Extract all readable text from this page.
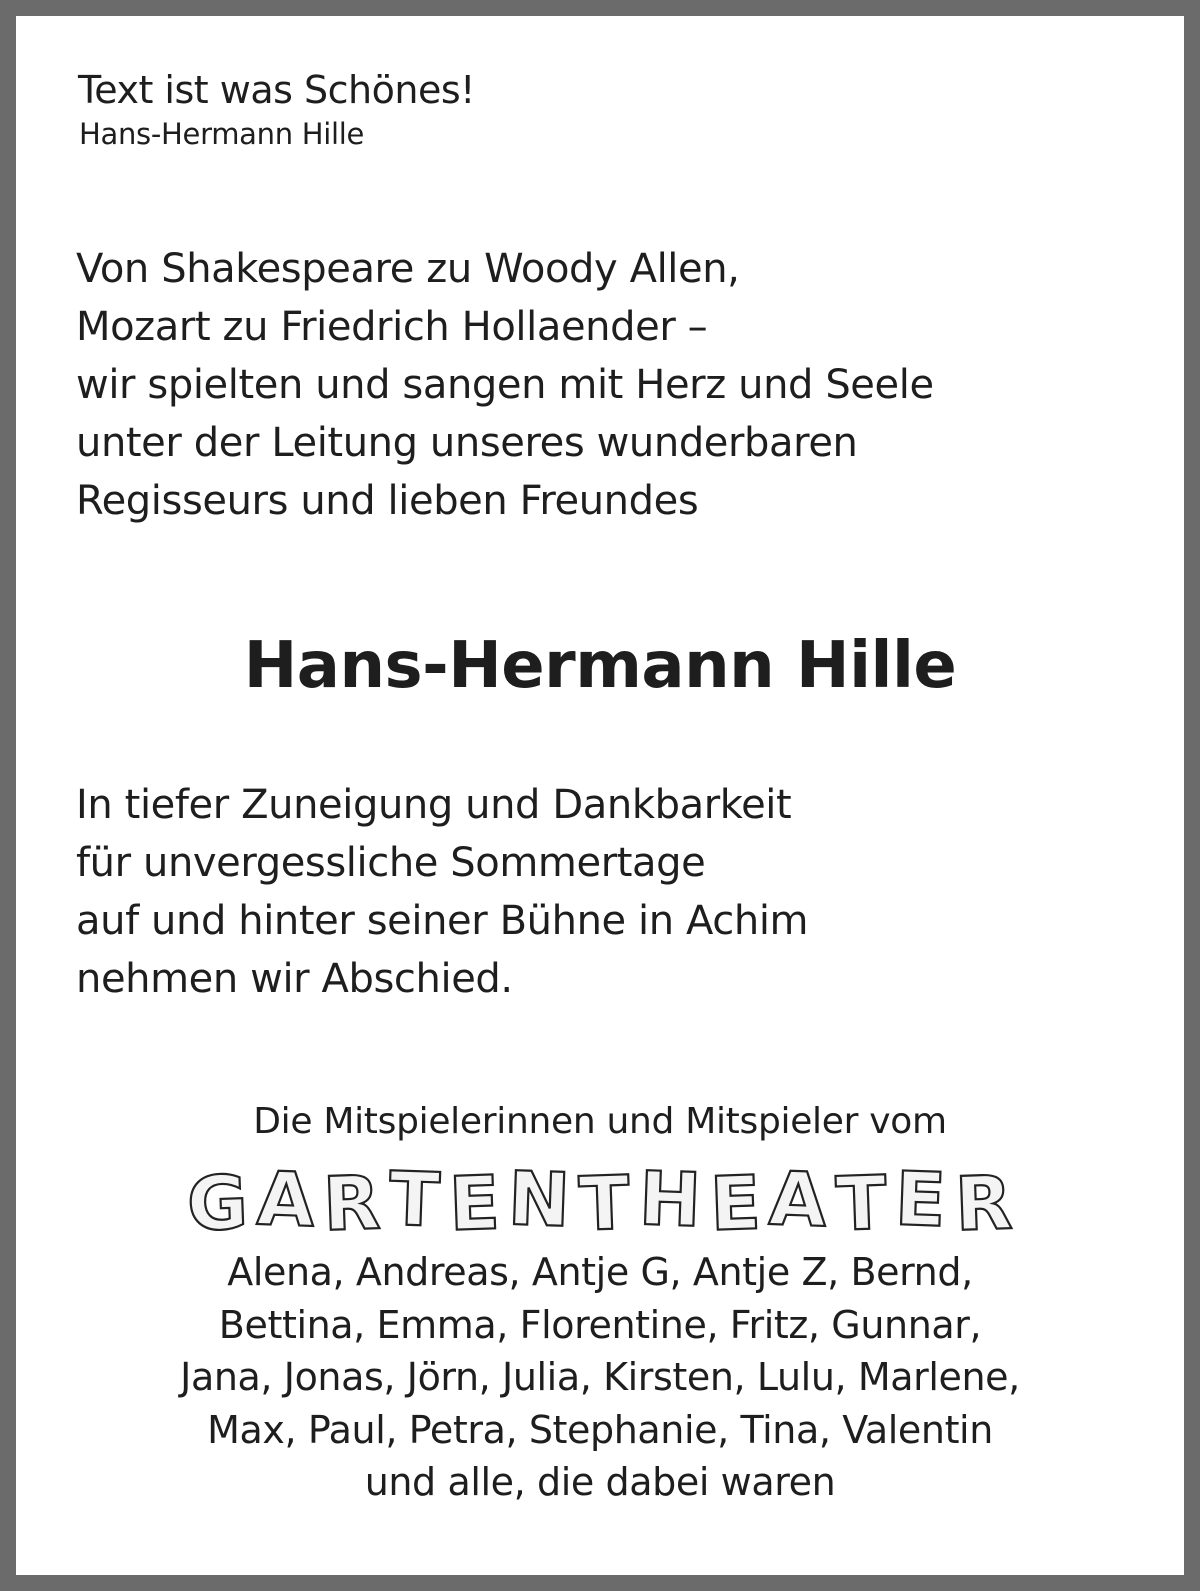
Text ist was Schönes!
Hans-Hermann Hille
Von Shakespeare zu Woody Allen,
Mozart zu Friedrich Hollaender –
wir spielten und sangen mit Herz und Seele
unter der Leitung unseres wunderbaren
Regisseurs und lieben Freundes
Hans-Hermann Hille
In tiefer Zuneigung und Dankbarkeit
für unvergessliche Sommertage
auf und hinter seiner Bühne in Achim
nehmen wir Abschied.
Die Mitspielerinnen und Mitspieler vom
G A R T E N T H E A T E R
Alena, Andreas, Antje G, Antje Z, Bernd,
Bettina, Emma, Florentine, Fritz, Gunnar,
Jana, Jonas, Jörn, Julia, Kirsten, Lulu, Marlene,
Max, Paul, Petra, Stephanie, Tina, Valentin
und alle, die dabei waren
